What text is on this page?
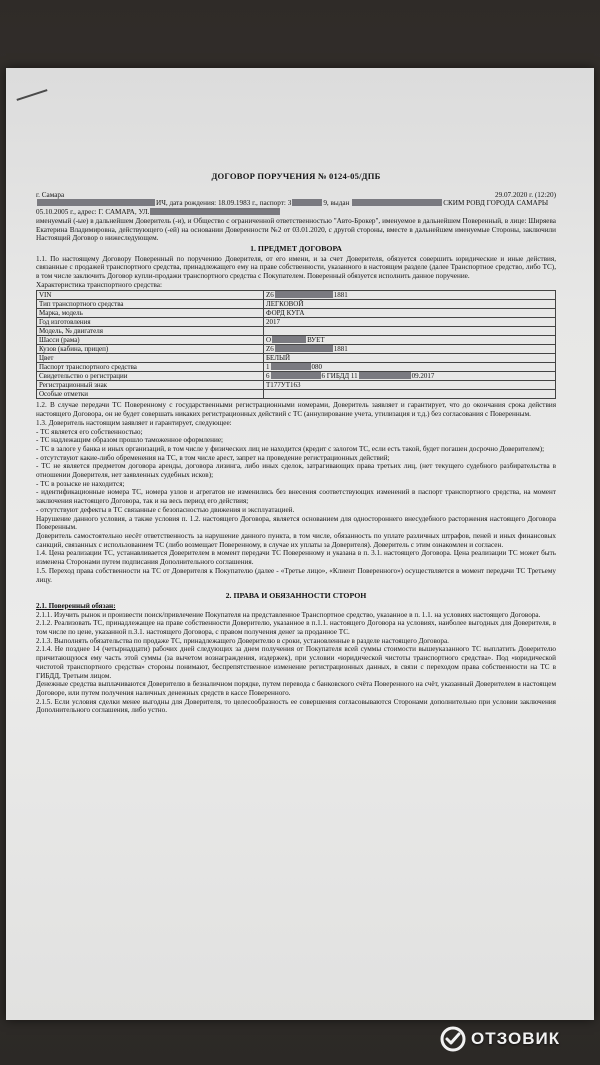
ДОГОВОР ПОРУЧЕНИЯ № 0124-05/ДПБ
г. Самара	29.07.2020 г. (12:20)

ИЧ, дата рождения: 18.09.1983 г., паспорт: 3	9, выдан	СКИМ РОВД ГОРОДА САМАРЫ

05.10.2005 г., адрес: Г. САМАРА, УЛ.

именуемый (-ые) в дальнейшем Доверитель (-и), и Общество с ограниченной ответственностью "Авто-Брокер", именуемое в дальнейшем Поверенный, в лице: Ширяева Екатерина Владимировна, действующего (-ей) на основании Доверенности №2 от 03.01.2020, с другой стороны, вместе в дальнейшем именуемые Стороны, заключили Настоящий Договор о нижеследующем.

1. ПРЕДМЕТ ДОГОВОРА

1.1. По настоящему Договору Поверенный по поручению Доверителя, от его имени, и за счет Доверителя, обязуется совершить юридические и иные действия, связанные с продажей транспортного средства, принадлежащего ему на праве собственности, указанного в настоящем разделе (далее Транспортное средство, либо ТС), в том числе заключить Договор купли-продажи транспортного средства с Покупателем. Поверенный обязуется исполнить данное поручение.

Характеристика транспортного средства:

VIN	Z6 1881
Тип транспортного средства	ЛЕГКОВОЙ
Марка, модель	ФОРД КУГА
Год изготовления	2017
Модель, № двигателя	
Шасси (рама)	О ВУЕТ
Кузов (кабина, прицеп)	Z6 1881
Цвет	БЕЛЫЙ
Паспорт транспортного средства	1 080
Свидетельство о регистрации	6 6 ГИБДД 11 09.2017
Регистрационный знак	Т177УТ163
Особые отметки	

1.2. В случае передачи ТС Поверенному с государственными регистрационными номерами, Доверитель заявляет и гарантирует, что до окончания срока действия настоящего Договора, он не будет совершать никаких регистрационных действий с ТС (аннулирование учета, утилизация и т.д.) без согласования с Поверенным.

1.3. Доверитель настоящим заявляет и гарантирует, следующее:

- ТС является его собственностью;

- ТС надлежащим образом прошло таможенное оформление;

- ТС в залоге у банка и иных организаций, в том числе у физических лиц не находится (кредит с залогом ТС, если есть такой, будет погашен досрочно Доверителем);

- отсутствуют какие-либо обременения на ТС, в том числе арест, запрет на проведение регистрационных действий;

- ТС не является предметом договора аренды, договора лизинга, либо иных сделок, затрагивающих права третьих лиц, (нет текущего судебного разбирательства в отношении Доверителя, нет заявленных судебных исков);

- ТС в розыске не находится;

- идентификационные номера ТС, номера узлов и агрегатов не изменились без внесения соответствующих изменений в паспорт транспортного средства, на момент заключения настоящего Договора, так и на весь период его действия;

- отсутствуют дефекты в ТС связанные с безопасностью движения и эксплуатацией.

Нарушение данного условия, а также условия п. 1.2. настоящего Договора, является основанием для одностороннего внесудебного расторжения настоящего Договора Поверенным.

Доверитель самостоятельно несёт ответственность за нарушение данного пункта, в том числе, обязанность по уплате различных штрафов, пеней и иных финансовых санкций, связанных с использованием ТС (либо возмещает Поверенному, в случае их уплаты за Доверителя). Доверитель с этим ознакомлен и согласен.

1.4. Цена реализации ТС, устанавливается Доверителем в момент передачи ТС Поверенному и указана в п. 3.1. настоящего Договора. Цена реализации ТС может быть изменена Сторонами путем подписания Дополнительного соглашения.

1.5. Переход права собственности на ТС от Доверителя к Покупателю (далее - «Третье лицо», «Клиент Поверенного») осуществляется в момент передачи ТС Третьему лицу.

2. ПРАВА И ОБЯЗАННОСТИ СТОРОН

2.1. Поверенный обязан:

2.1.1. Изучить рынок и произвести поиск/привлечение Покупателя на представленное Транспортное средство, указанное в п. 1.1. на условиях настоящего Договора.

2.1.2. Реализовать ТС, принадлежащее на праве собственности Доверителю, указанное в п.1.1. настоящего Договора на условиях, наиболее выгодных для Доверителя, в том числе по цене, указанной п.3.1. настоящего Договора, с правом получения денег за проданное ТС.

2.1.3. Выполнять обязательства по продаже ТС, принадлежащего Доверителю в сроки, установленные в разделе настоящего Договора.

2.1.4. Не позднее 14 (четырнадцати) рабочих дней следующих за днем получения от Покупателя всей суммы стоимости вышеуказанного ТС выплатить Доверителю причитающуюся ему часть этой суммы (за вычетом вознаграждения, издержек), при условии «юридической чистоты транспортного средства». Под «юридической чистотой транспортного средства» стороны понимают, беспрепятственное изменение регистрационных данных, в связи с переходом права собственности на ТС в ГИБДД, Третьим лицом.

Денежные средства выплачиваются Доверителю в безналичном порядке, путем перевода с банковского счёта Поверенного на счёт, указанный Доверителем в настоящем Договоре, или путем получения наличных денежных средств в кассе Поверенного.

2.1.5. Если условия сделки менее выгодны для Доверителя, то целесообразность ее совершения согласовываются Сторонами дополнительно при условии заключения Дополнительного соглашения, либо устно.

ОТЗОВИК
